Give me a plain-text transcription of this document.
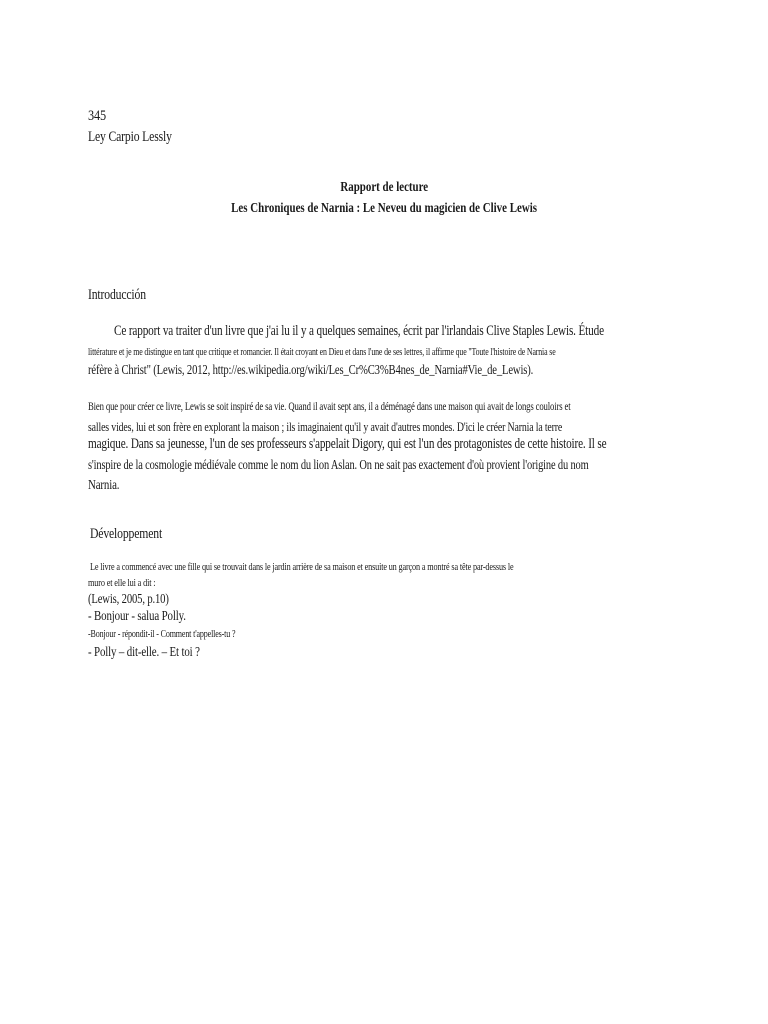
345
Ley Carpio Lessly
Rapport de lecture
Les Chroniques de Narnia : Le Neveu du magicien de Clive Lewis
Introducción
Ce rapport va traiter d'un livre que j'ai lu il y a quelques semaines, écrit par l'irlandais Clive Staples Lewis. Étude
littérature et je me distingue en tant que critique et romancier. Il était croyant en Dieu et dans l'une de ses lettres, il affirme que "Toute l'histoire de Narnia se
réfère à Christ" (Lewis, 2012, http://es.wikipedia.org/wiki/Les_Cr%C3%B4nes_de_Narnia#Vie_de_Lewis).
Bien que pour créer ce livre, Lewis se soit inspiré de sa vie. Quand il avait sept ans, il a déménagé dans une maison qui avait de longs couloirs et
salles vides, lui et son frère en explorant la maison ; ils imaginaient qu'il y avait d'autres mondes. D'ici le créer Narnia la terre
magique. Dans sa jeunesse, l'un de ses professeurs s'appelait Digory, qui est l'un des protagonistes de cette histoire. Il se
s'inspire de la cosmologie médiévale comme le nom du lion Aslan. On ne sait pas exactement d'où provient l'origine du nom
Narnia.
Développement
Le livre a commencé avec une fille qui se trouvait dans le jardin arrière de sa maison et ensuite un garçon a montré sa tête par-dessus le
muro et elle lui a dit :
(Lewis, 2005, p.10)
- Bonjour - salua Polly.
-Bonjour - répondit-il - Comment t'appelles-tu ?
- Polly – dit-elle. – Et toi ?
